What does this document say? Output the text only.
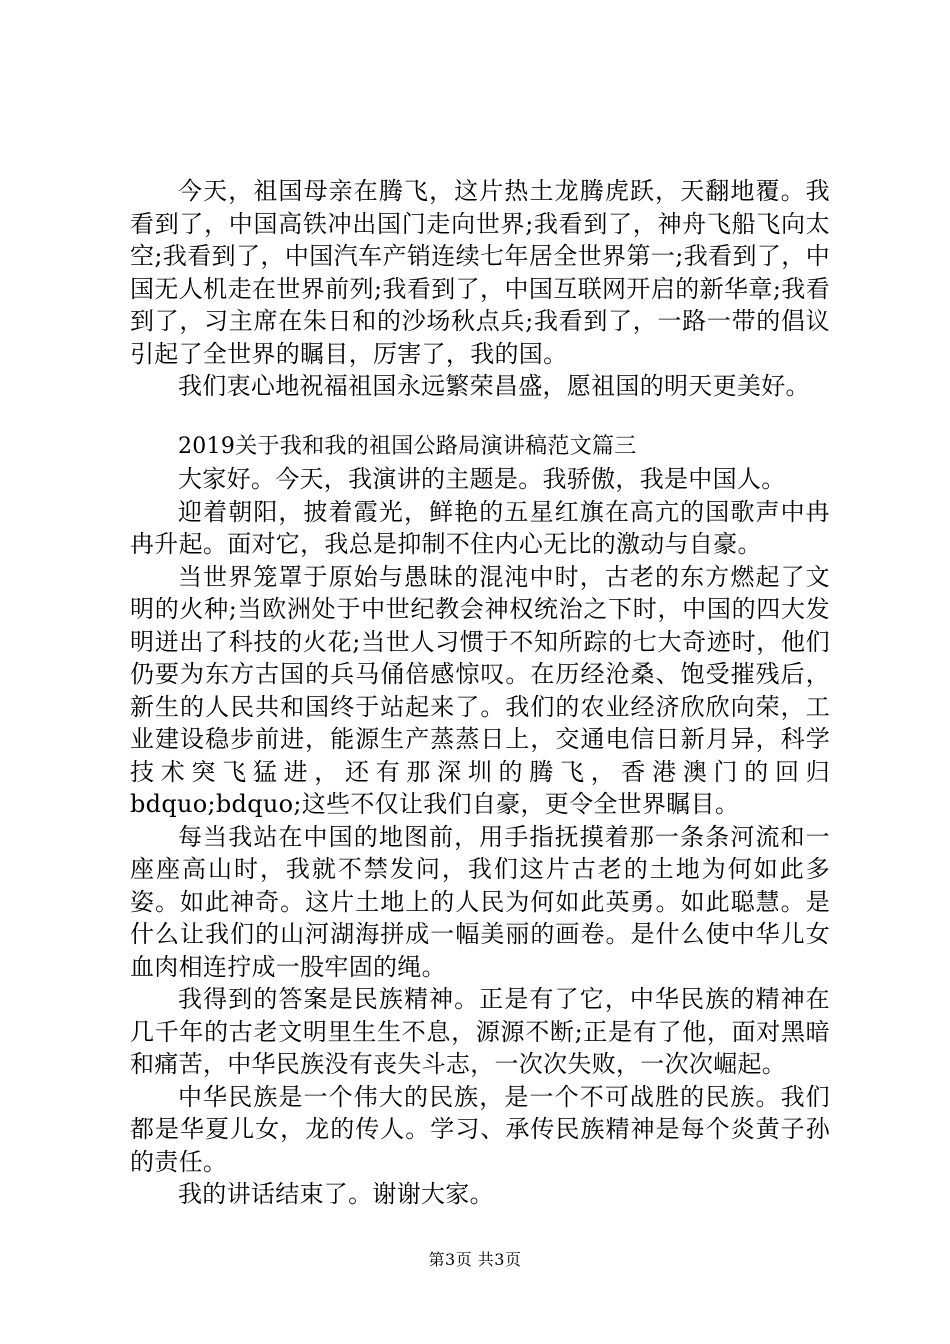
今天，祖国母亲在腾飞，这片热土龙腾虎跃，天翻地覆。我看到了，中国高铁冲出国门走向世界;我看到了，神舟飞船飞向太空;我看到了，中国汽车产销连续七年居全世界第一;我看到了，中国无人机走在世界前列;我看到了，中国互联网开启的新华章;我看到了，习主席在朱日和的沙场秋点兵;我看到了，一路一带的倡议引起了全世界的瞩目，厉害了，我的国。

我们衷心地祝福祖国永远繁荣昌盛，愿祖国的明天更美好。

2019关于我和我的祖国公路局演讲稿范文篇三

大家好。今天，我演讲的主题是。我骄傲，我是中国人。

迎着朝阳，披着霞光，鲜艳的五星红旗在高亢的国歌声中冉冉升起。面对它，我总是抑制不住内心无比的激动与自豪。

当世界笼罩于原始与愚昧的混沌中时，古老的东方燃起了文明的火种;当欧洲处于中世纪教会神权统治之下时，中国的四大发明迸出了科技的火花;当世人习惯于不知所踪的七大奇迹时，他们仍要为东方古国的兵马俑倍感惊叹。在历经沧桑、饱受摧残后，新生的人民共和国终于站起来了。我们的农业经济欣欣向荣，工业建设稳步前进，能源生产蒸蒸日上，交通电信日新月异，科学技术突飞猛进，还有那深圳的腾飞，香港澳门的回归bdquo;bdquo;这些不仅让我们自豪，更令全世界瞩目。

每当我站在中国的地图前，用手指抚摸着那一条条河流和一座座高山时，我就不禁发问，我们这片古老的土地为何如此多姿。如此神奇。这片土地上的人民为何如此英勇。如此聪慧。是什么让我们的山河湖海拼成一幅美丽的画卷。是什么使中华儿女血肉相连拧成一股牢固的绳。

我得到的答案是民族精神。正是有了它，中华民族的精神在几千年的古老文明里生生不息，源源不断;正是有了他，面对黑暗和痛苦，中华民族没有丧失斗志，一次次失败，一次次崛起。

中华民族是一个伟大的民族，是一个不可战胜的民族。我们都是华夏儿女，龙的传人。学习、承传民族精神是每个炎黄子孙的责任。

我的讲话结束了。谢谢大家。

第3页 共3页
